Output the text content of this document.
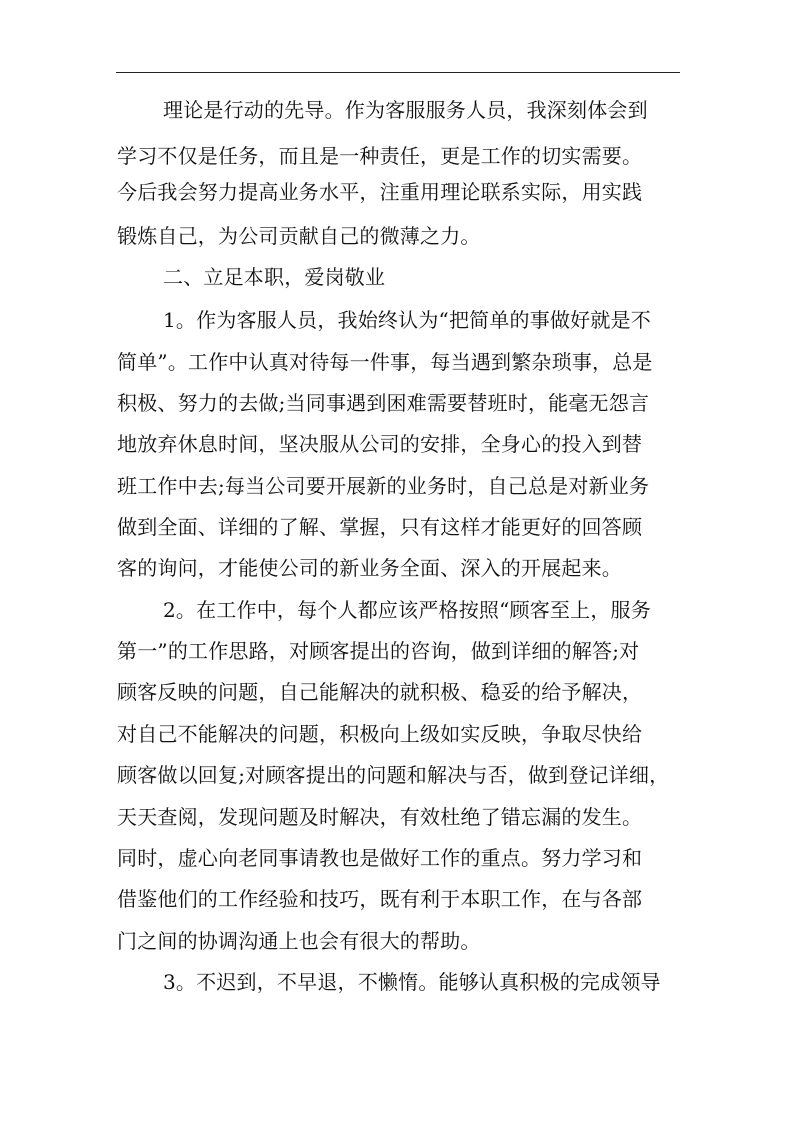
理论是行动的先导。作为客服服务人员，我深刻体会到
学习不仅是任务，而且是一种责任，更是工作的切实需要。
今后我会努力提高业务水平，注重用理论联系实际，用实践
锻炼自己，为公司贡献自己的微薄之力。
二、立足本职，爱岗敬业
1。作为客服人员，我始终认为“把简单的事做好就是不
简单”。工作中认真对待每一件事，每当遇到繁杂琐事，总是
积极、努力的去做;当同事遇到困难需要替班时，能毫无怨言
地放弃休息时间，坚决服从公司的安排，全身心的投入到替
班工作中去;每当公司要开展新的业务时，自己总是对新业务
做到全面、详细的了解、掌握，只有这样才能更好的回答顾
客的询问，才能使公司的新业务全面、深入的开展起来。
2。在工作中，每个人都应该严格按照“顾客至上，服务
第一”的工作思路，对顾客提出的咨询，做到详细的解答;对
顾客反映的问题，自己能解决的就积极、稳妥的给予解决，
对自己不能解决的问题，积极向上级如实反映，争取尽快给
顾客做以回复;对顾客提出的问题和解决与否，做到登记详细，
天天查阅，发现问题及时解决，有效杜绝了错忘漏的发生。
同时，虚心向老同事请教也是做好工作的重点。努力学习和
借鉴他们的工作经验和技巧，既有利于本职工作，在与各部
门之间的协调沟通上也会有很大的帮助。
3。不迟到，不早退，不懒惰。能够认真积极的完成领导
